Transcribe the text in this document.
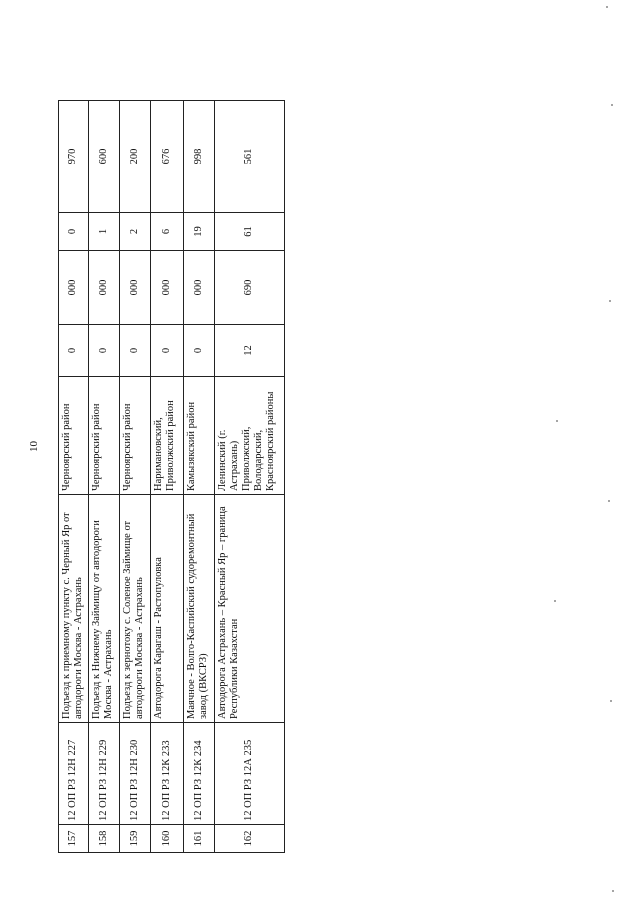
10
157	12 ОП РЗ 12Н 227	Подъезд к приемному пункту с. Черный Яр от автодороги Москва - Астрахань	Черноярский район	0	000	0	970
158	12 ОП РЗ 12Н 229	Подъезд к Нижнему Займищу от автодороги Москва - Астрахань	Черноярский район	0	000	1	600
159	12 ОП РЗ 12Н 230	Подъезд к зернотоку с. Соленое Займище от автодороги Москва - Астрахань	Черноярский район	0	000	2	200
160	12 ОП РЗ 12К 233	Автодорога Карагаш - Растопуловка	Наримановский, Приволжский район	0	000	6	676
161	12 ОП РЗ 12К 234	Маячное - Волго-Каспийский судоремонтный завод (ВКСРЗ)	Камызякский район	0	000	19	998
162	12 ОП РЗ 12А 235	Автодорога Астрахань – Красный Яр – граница Республики Казахстан	Ленинский (г. Астрахань) Приволжский, Володарский, Красноярский районы	12	690	61	561
